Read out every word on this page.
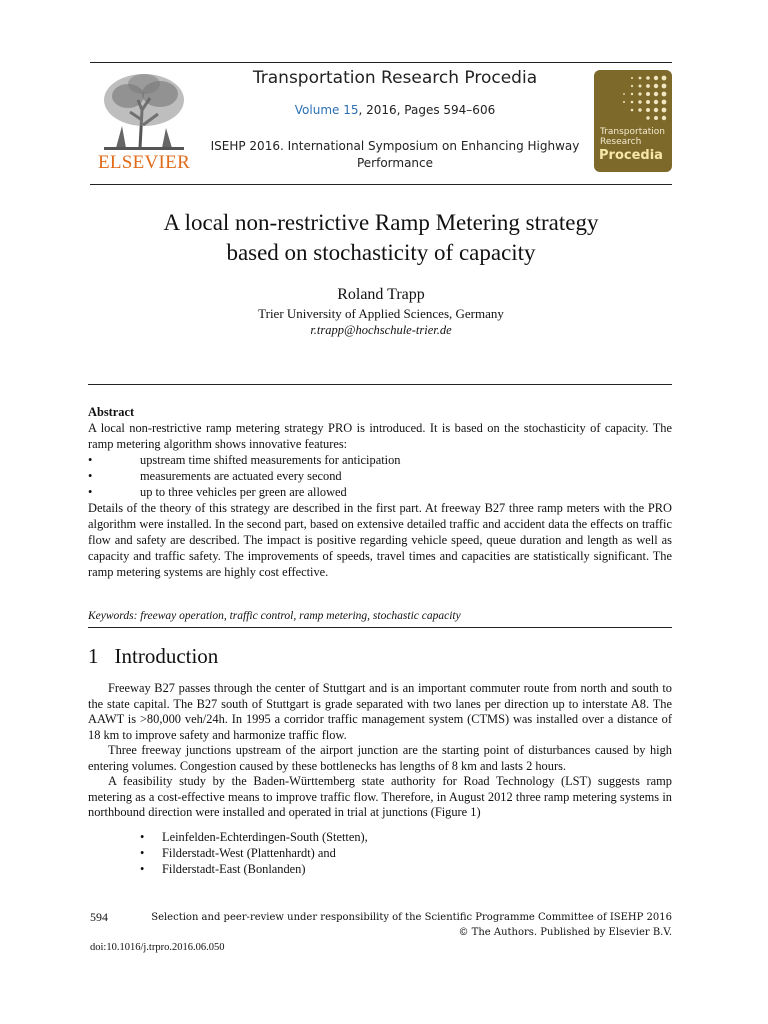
ELSEVIER
Transportation Research Procedia
Volume 15, 2016, Pages 594–606
ISEHP 2016. International Symposium on Enhancing Highway
Performance
Transportation
Research
Procedia
A local non-restrictive Ramp Metering strategy
based on stochasticity of capacity
Roland Trapp
Trier University of Applied Sciences, Germany
r.trapp@hochschule-trier.de
Abstract

A local non-restrictive ramp metering strategy PRO is introduced. It is based on the stochasticity of capacity. The ramp metering algorithm shows innovative features:

•	upstream time shifted measurements for anticipation
•	measurements are actuated every second
•	up to three vehicles per green are allowed

Details of the theory of this strategy are described in the first part. At freeway B27 three ramp meters with the PRO algorithm were installed. In the second part, based on extensive detailed traffic and accident data the effects on traffic flow and safety are described. The impact is positive regarding vehicle speed, queue duration and length as well as capacity and traffic safety. The improvements of speeds, travel times and capacities are statistically significant. The ramp metering systems are highly cost effective.

Keywords: freeway operation, traffic control, ramp metering, stochastic capacity
1 Introduction

Freeway B27 passes through the center of Stuttgart and is an important commuter route from north and south to the state capital. The B27 south of Stuttgart is grade separated with two lanes per direction up to interstate A8. The AAWT is >80,000 veh/24h. In 1995 a corridor traffic management system (CTMS) was installed over a distance of 18 km to improve safety and harmonize traffic flow.

Three freeway junctions upstream of the airport junction are the starting point of disturbances caused by high entering volumes. Congestion caused by these bottlenecks has lengths of 8 km and lasts 2 hours.

A feasibility study by the Baden-Württemberg state authority for Road Technology (LST) suggests ramp metering as a cost-effective means to improve traffic flow. Therefore, in August 2012 three ramp metering systems in northbound direction were installed and operated in trial at junctions (Figure 1)

•	Leinfelden-Echterdingen-South (Stetten),
•	Filderstadt-West (Plattenhardt) and
•	Filderstadt-East (Bonlanden)
594	Selection and peer-review under responsibility of the Scientific Programme Committee of ISEHP 2016
© The Authors. Published by Elsevier B.V.
doi:10.1016/j.trpro.2016.06.050
